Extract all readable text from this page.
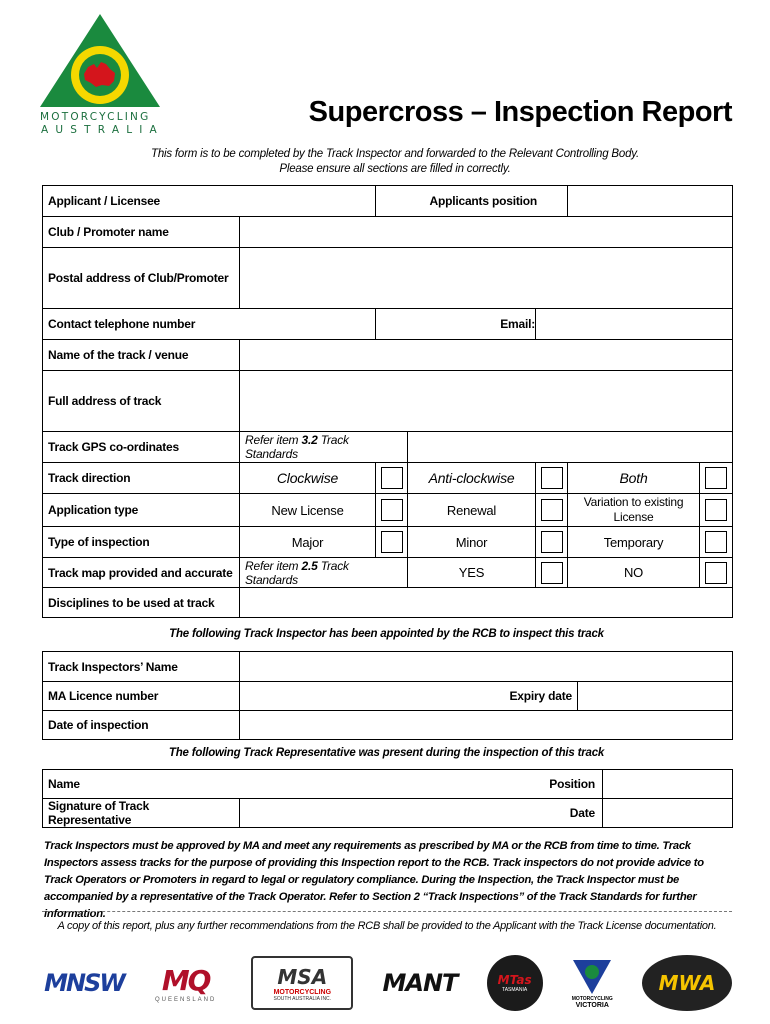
MOTORCYCLING
AUSTRALIA
Supercross – Inspection Report
This form is to be completed by the Track Inspector and forwarded to the Relevant Controlling Body.
Please ensure all sections are filled in correctly.
Applicant / Licensee		Applicants position				
Club / Promoter name						
Postal address of Club/Promoter						
Contact telephone number		Email:				
Name of the track / venue						
Full address of track						
Track GPS co-ordinates	Refer item 3.2 Track Standards					
Track direction	Clockwise		Anti-clockwise		Both	

Application type	New License		Renewal		Variation to existing License	

Type of inspection	Major		Minor		Temporary	

Track map provided and accurate	Refer item 2.5 Track Standards		YES		NO	

Disciplines to be used at track						
The following Track Inspector has been appointed by the RCB to inspect this track
Track Inspectors’ Name		
MA Licence number	Expiry date	
Date of inspection		
The following Track Representative was present during the inspection of this track
Name Position		
Signature of Track Representative	Date	
Track Inspectors must be approved by MA and meet any requirements as prescribed by MA or the RCB from time to time. Track Inspectors assess tracks for the purpose of providing this Inspection report to the RCB. Track inspectors do not provide advice to Track Operators or Promoters in regard to legal or regulatory compliance. During the Inspection, the Track Inspector must be accompanied by a representative of the Track Operator. Refer to Section 2 “Track Inspections” of the Track Standards for further information.
A copy of this report, plus any further recommendations from the RCB shall be provided to the Applicant with the Track License documentation.
MNSW MQ
QUEENSLAND
MSA
MOTORCYCLING
SOUTH AUSTRALIA INC.
MANT	MTas
TASMANIA
MOTORCYCLING
VICTORIA
MWA
